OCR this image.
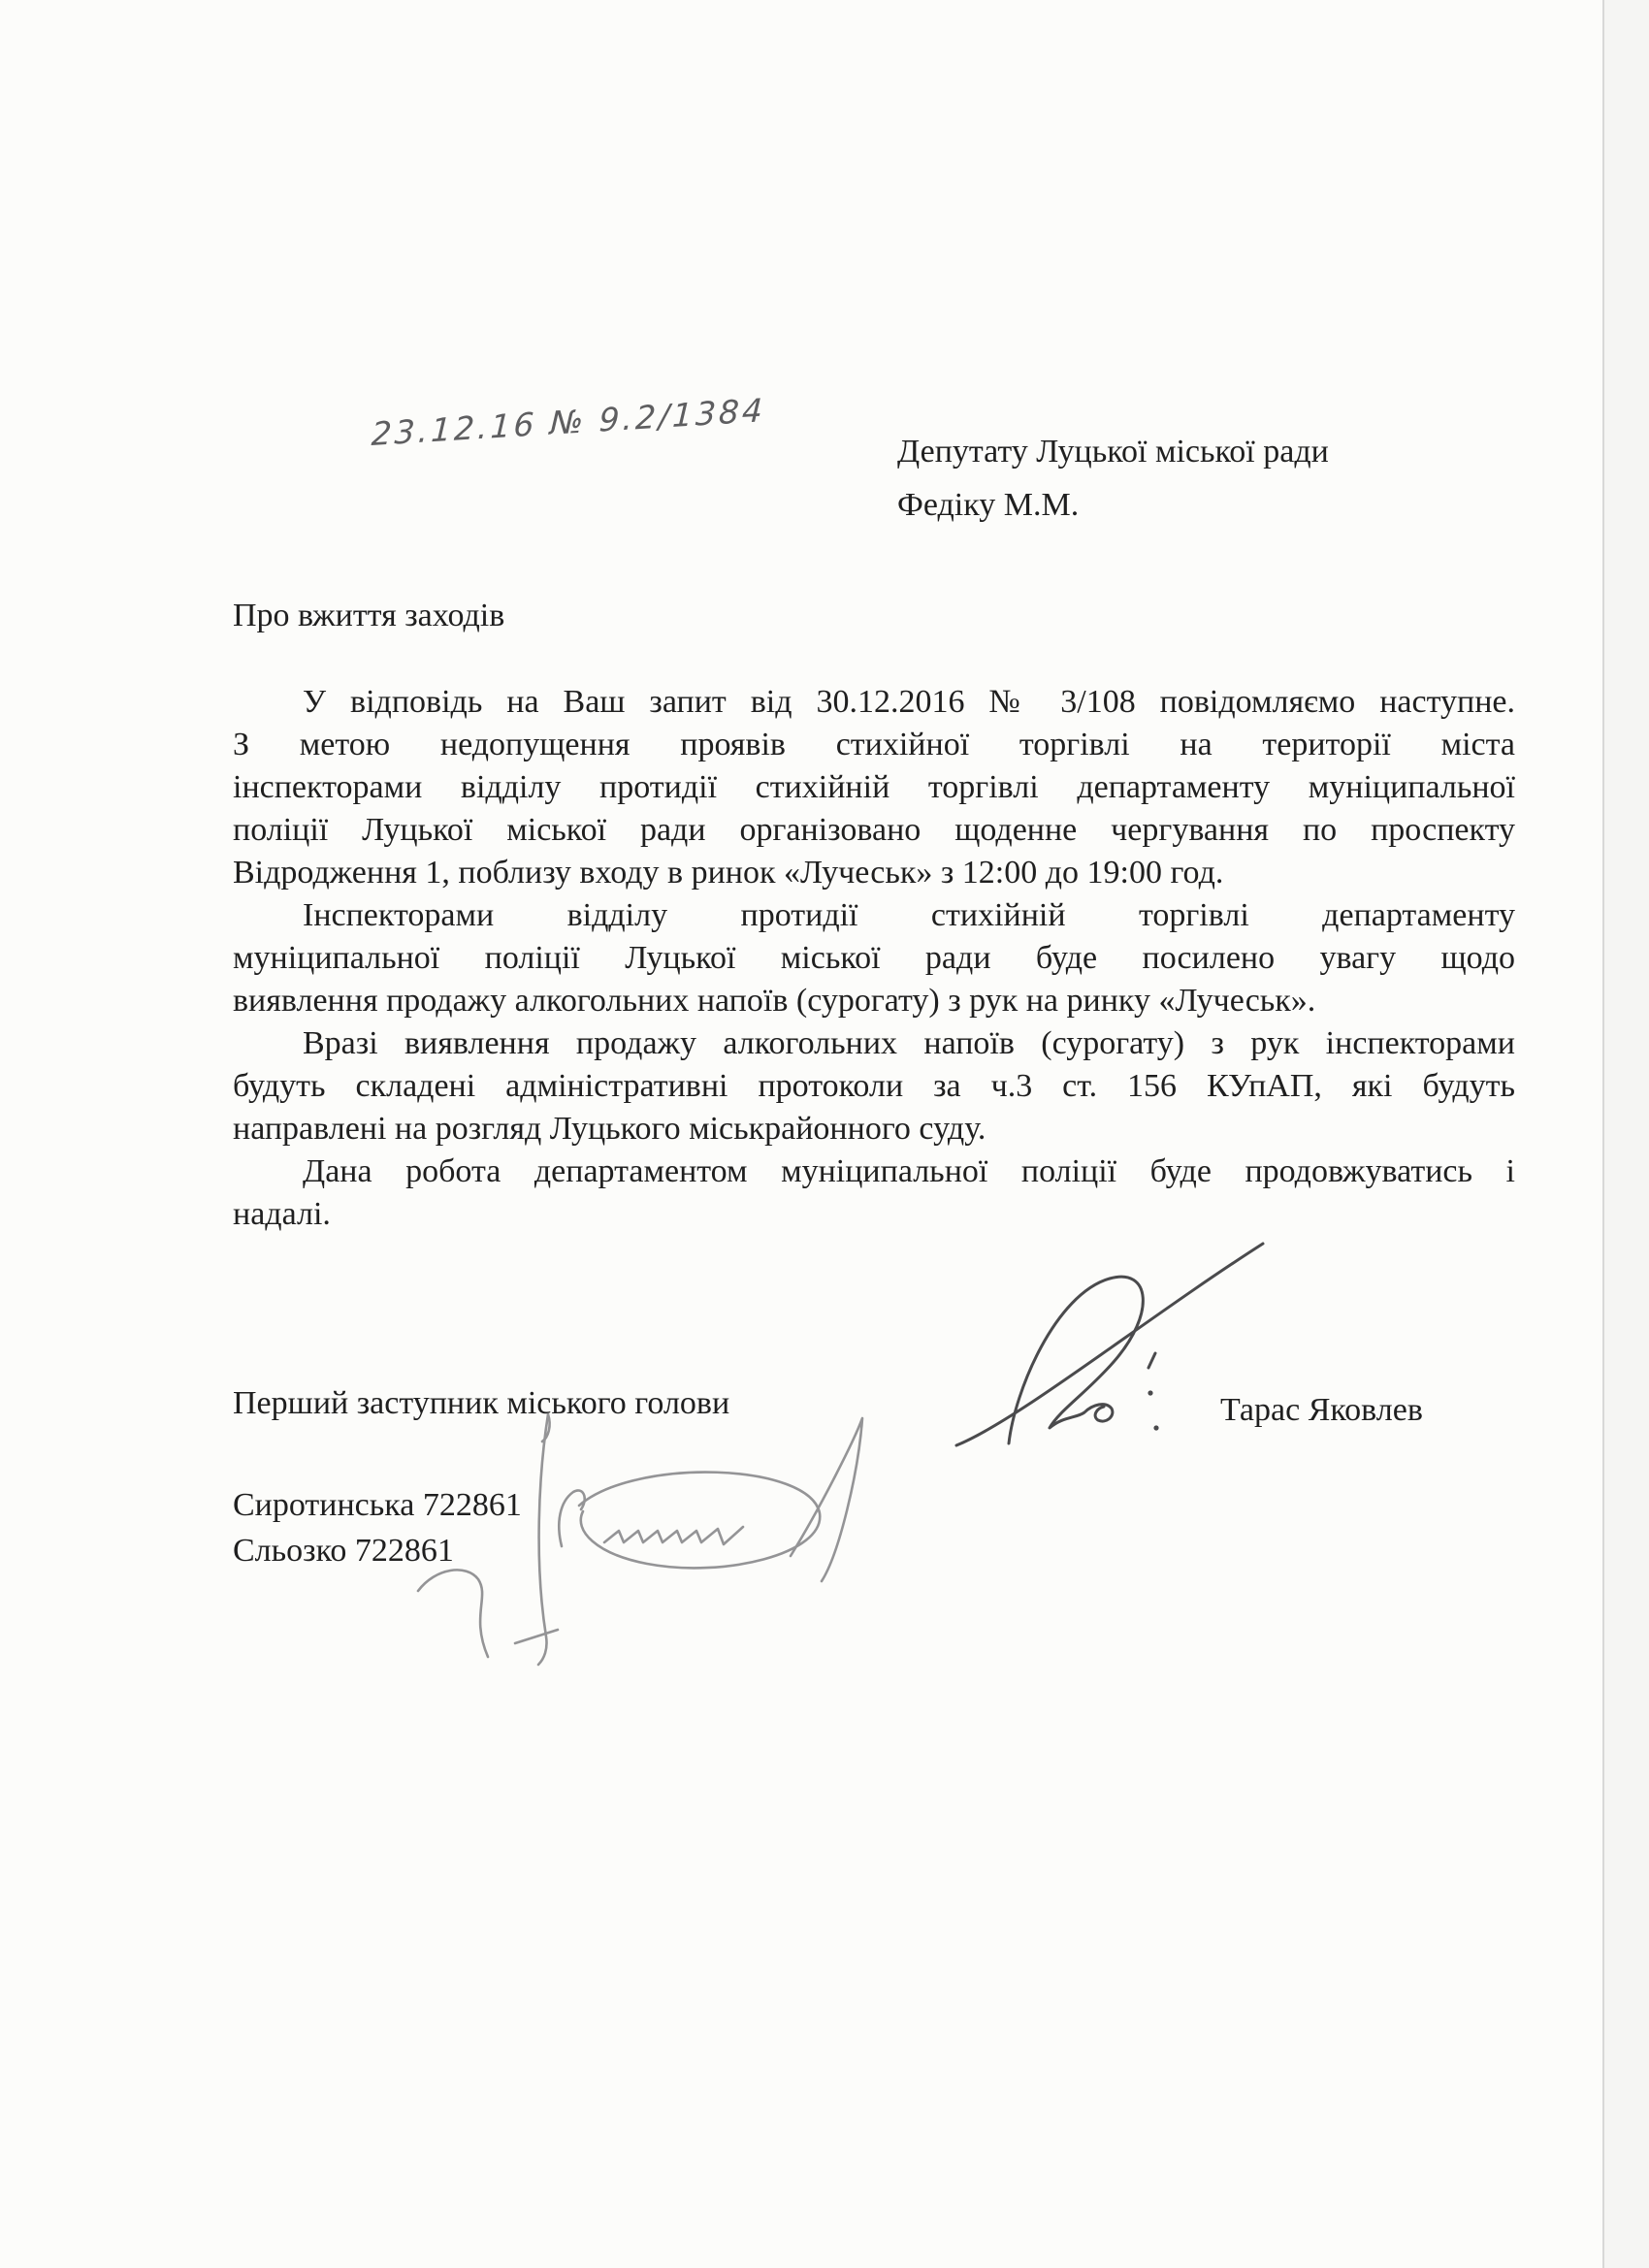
23.12.16 № 9.2/1384	Депутату Луцької міської ради
Федіку М.М.
Про вжиття заходів
У відповідь на Ваш запит від 30.12.2016 № 3/108 повідомляємо наступне.
З метою недопущення проявів стихійної торгівлі на території міста
інспекторами відділу протидії стихійній торгівлі департаменту муніципальної
поліції Луцької міської ради організовано щоденне чергування по проспекту
Відродження 1, поблизу входу в ринок «Лучеськ» з 12:00 до 19:00 год.
Інспекторами відділу протидії стихійній торгівлі департаменту
муніципальної поліції Луцької міської ради буде посилено увагу щодо
виявлення продажу алкогольних напоїв (сурогату) з рук на ринку «Лучеськ».
Вразі виявлення продажу алкогольних напоїв (сурогату) з рук інспекторами
будуть складені адміністративні протоколи за ч.3 ст. 156 КУпАП, які будуть
направлені на розгляд Луцького міськрайонного суду.
Дана робота департаментом муніципальної поліції буде продовжуватись і
надалі.
Перший заступник міського голови	Тарас Яковлев
Сиротинська 722861
Сльозко 722861
